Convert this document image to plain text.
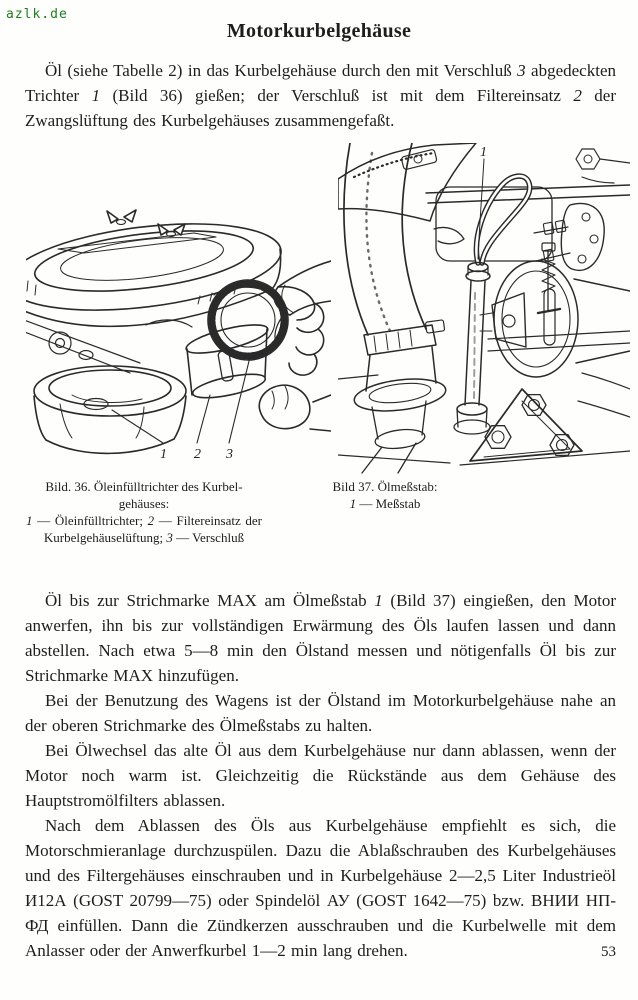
azlk.de
Motorkurbelgehäuse

Öl (siehe Tabelle 2) in das Kurbelgehäuse durch den mit Verschluß 3 abgedeckten Trichter 1 (Bild 36) gießen; der Verschluß ist mit dem Filtereinsatz 2 der Zwangslüftung des Kurbelgehäuses zusammengefaßt.

1 2 3
1
Bild. 36. Öleinfülltrichter des Kurbelgehäuses:
1 — Öleinfülltrichter; 2 — Filtereinsatz der Kurbelgehäuselüftung; 3 — Verschluß
Bild 37. Ölmeßstab:
1 — Meßstab

Öl bis zur Strichmarke MAX am Ölmeßstab 1 (Bild 37) eingießen, den Motor anwerfen, ihn bis zur vollständigen Erwärmung des Öls laufen lassen und dann abstellen. Nach etwa 5—8 min den Ölstand messen und nötigenfalls Öl bis zur Strichmarke MAX hinzufügen.

Bei der Benutzung des Wagens ist der Ölstand im Motorkurbelgehäuse nahe an der oberen Strichmarke des Ölmeßstabs zu halten.

Bei Ölwechsel das alte Öl aus dem Kurbelgehäuse nur dann ablassen, wenn der Motor noch warm ist. Gleichzeitig die Rückstände aus dem Gehäuse des Hauptstromölfilters ablassen.

Nach dem Ablassen des Öls aus Kurbelgehäuse empfiehlt es sich, die Motorschmieranlage durchzuspülen. Dazu die Ablaßschrauben des Kurbelgehäuses und des Filtergehäuses einschrauben und in Kurbelgehäuse 2—2,5 Liter Industrieöl И12А (GOST 20799—75) oder Spindelöl АУ (GOST 1642—75) bzw. ВНИИ НП-ФД einfüllen. Dann die Zündkerzen ausschrauben und die Kurbelwelle mit dem Anlasser oder der Anwerfkurbel 1—2 min lang drehen.	53
